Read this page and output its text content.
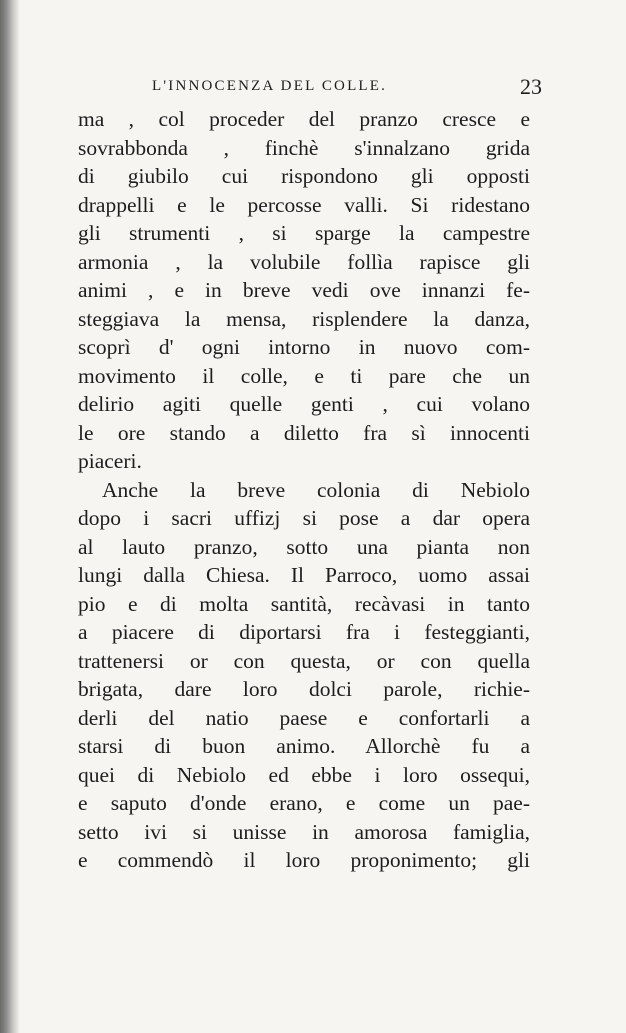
L'INNOCENZA DEL COLLE.	23
ma , col proceder del pranzo cresce e
sovrabbonda , finchè s'innalzano grida
di giubilo cui rispondono gli opposti
drappelli e le percosse valli. Si ridestano
gli strumenti , si sparge la campestre
armonia , la volubile follìa rapisce gli
animi , e in breve vedi ove innanzi fe-
steggiava la mensa, risplendere la danza,
scoprì d' ogni intorno in nuovo com-
movimento il colle, e ti pare che un
delirio agiti quelle genti , cui volano
le ore stando a diletto fra sì innocenti
piaceri.
Anche la breve colonia di Nebiolo
dopo i sacri uffizj si pose a dar opera
al lauto pranzo, sotto una pianta non
lungi dalla Chiesa. Il Parroco, uomo assai
pio e di molta santità, recàvasi in tanto
a piacere di diportarsi fra i festeggianti,
trattenersi or con questa, or con quella
brigata, dare loro dolci parole, richie-
derli del natio paese e confortarli a
starsi di buon animo. Allorchè fu a
quei di Nebiolo ed ebbe i loro ossequi,
e saputo d'onde erano, e come un pae-
setto ivi si unisse in amorosa famiglia,
e commendò il loro proponimento; gli
